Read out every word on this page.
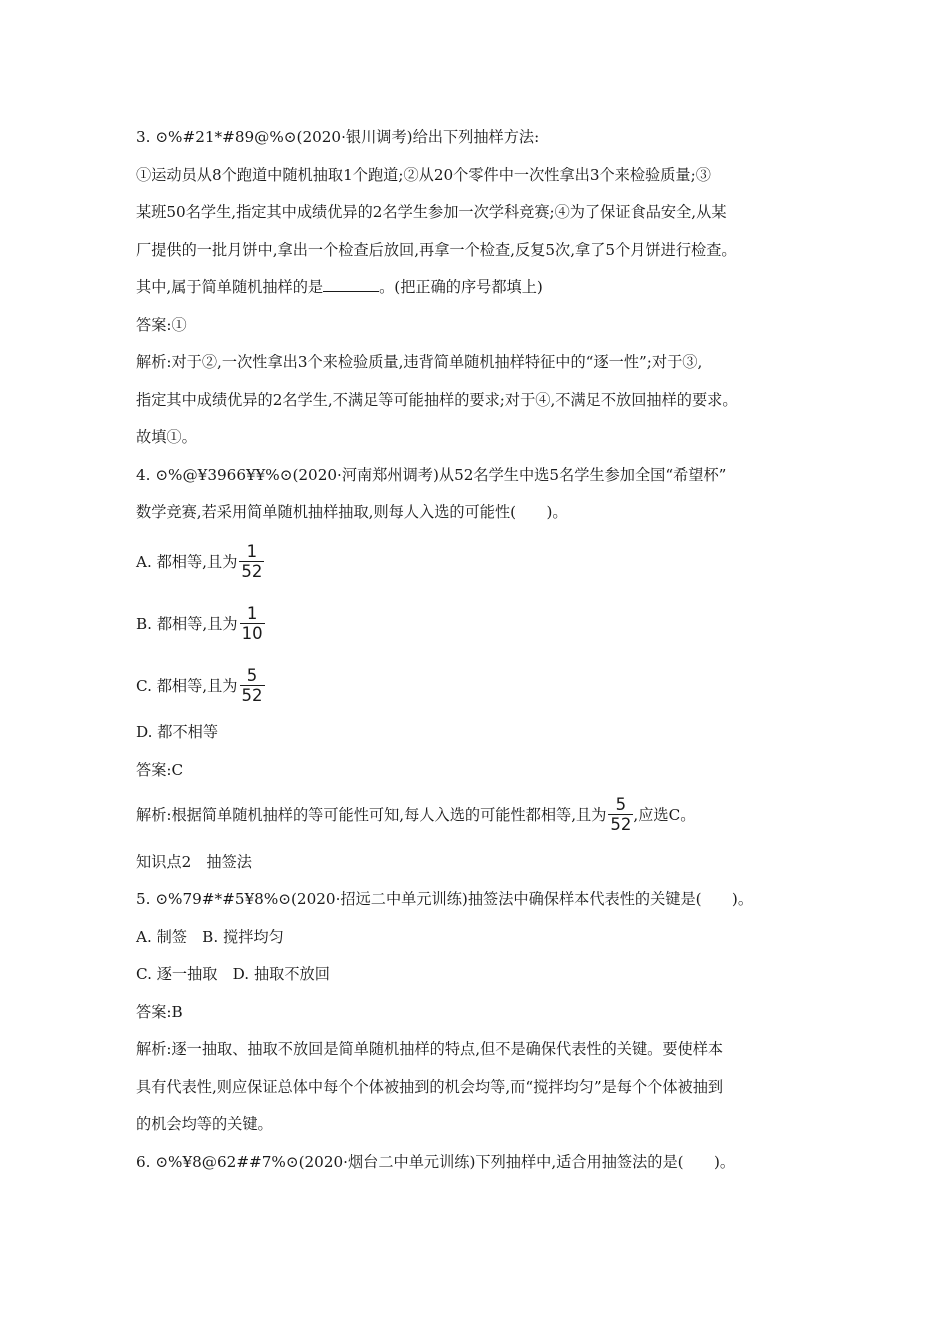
3. ⊙%#21*#89@%⊙(2020·银川调考)给出下列抽样方法:
①运动员从8个跑道中随机抽取1个跑道;②从20个零件中一次性拿出3个来检验质量;③
某班50名学生,指定其中成绩优异的2名学生参加一次学科竞赛;④为了保证食品安全,从某
厂提供的一批月饼中,拿出一个检查后放回,再拿一个检查,反复5次,拿了5个月饼进行检查。
其中,属于简单随机抽样的是	。(把正确的序号都填上)
答案:①
解析:对于②,一次性拿出3个来检验质量,违背简单随机抽样特征中的“逐一性”;对于③,
指定其中成绩优异的2名学生,不满足等可能抽样的要求;对于④,不满足不放回抽样的要求。
故填①。
4. ⊙%@¥3966¥¥%⊙(2020·河南郑州调考)从52名学生中选5名学生参加全国“希望杯”
数学竞赛,若采用简单随机抽样抽取,则每人入选的可能性(　　)。
A. 都相等,且为 $\frac{1}{52}$
B. 都相等,且为 $\frac{1}{10}$
C. 都相等,且为 $\frac{5}{52}$
D. 都不相等
答案:C
解析:根据简单随机抽样的等可能性可知,每人入选的可能性都相等,且为 $\frac{5}{52}$ ,应选C。
知识点2　抽签法
5. ⊙%79#*#5¥8%⊙(2020·招远二中单元训练)抽签法中确保样本代表性的关键是(　　)。
A. 制签　B. 搅拌均匀
C. 逐一抽取　D. 抽取不放回
答案:B
解析:逐一抽取、抽取不放回是简单随机抽样的特点,但不是确保代表性的关键。要使样本
具有代表性,则应保证总体中每个个体被抽到的机会均等,而“搅拌均匀”是每个个体被抽到
的机会均等的关键。
6. ⊙%¥8@62##7%⊙(2020·烟台二中单元训练)下列抽样中,适合用抽签法的是(　　)。
